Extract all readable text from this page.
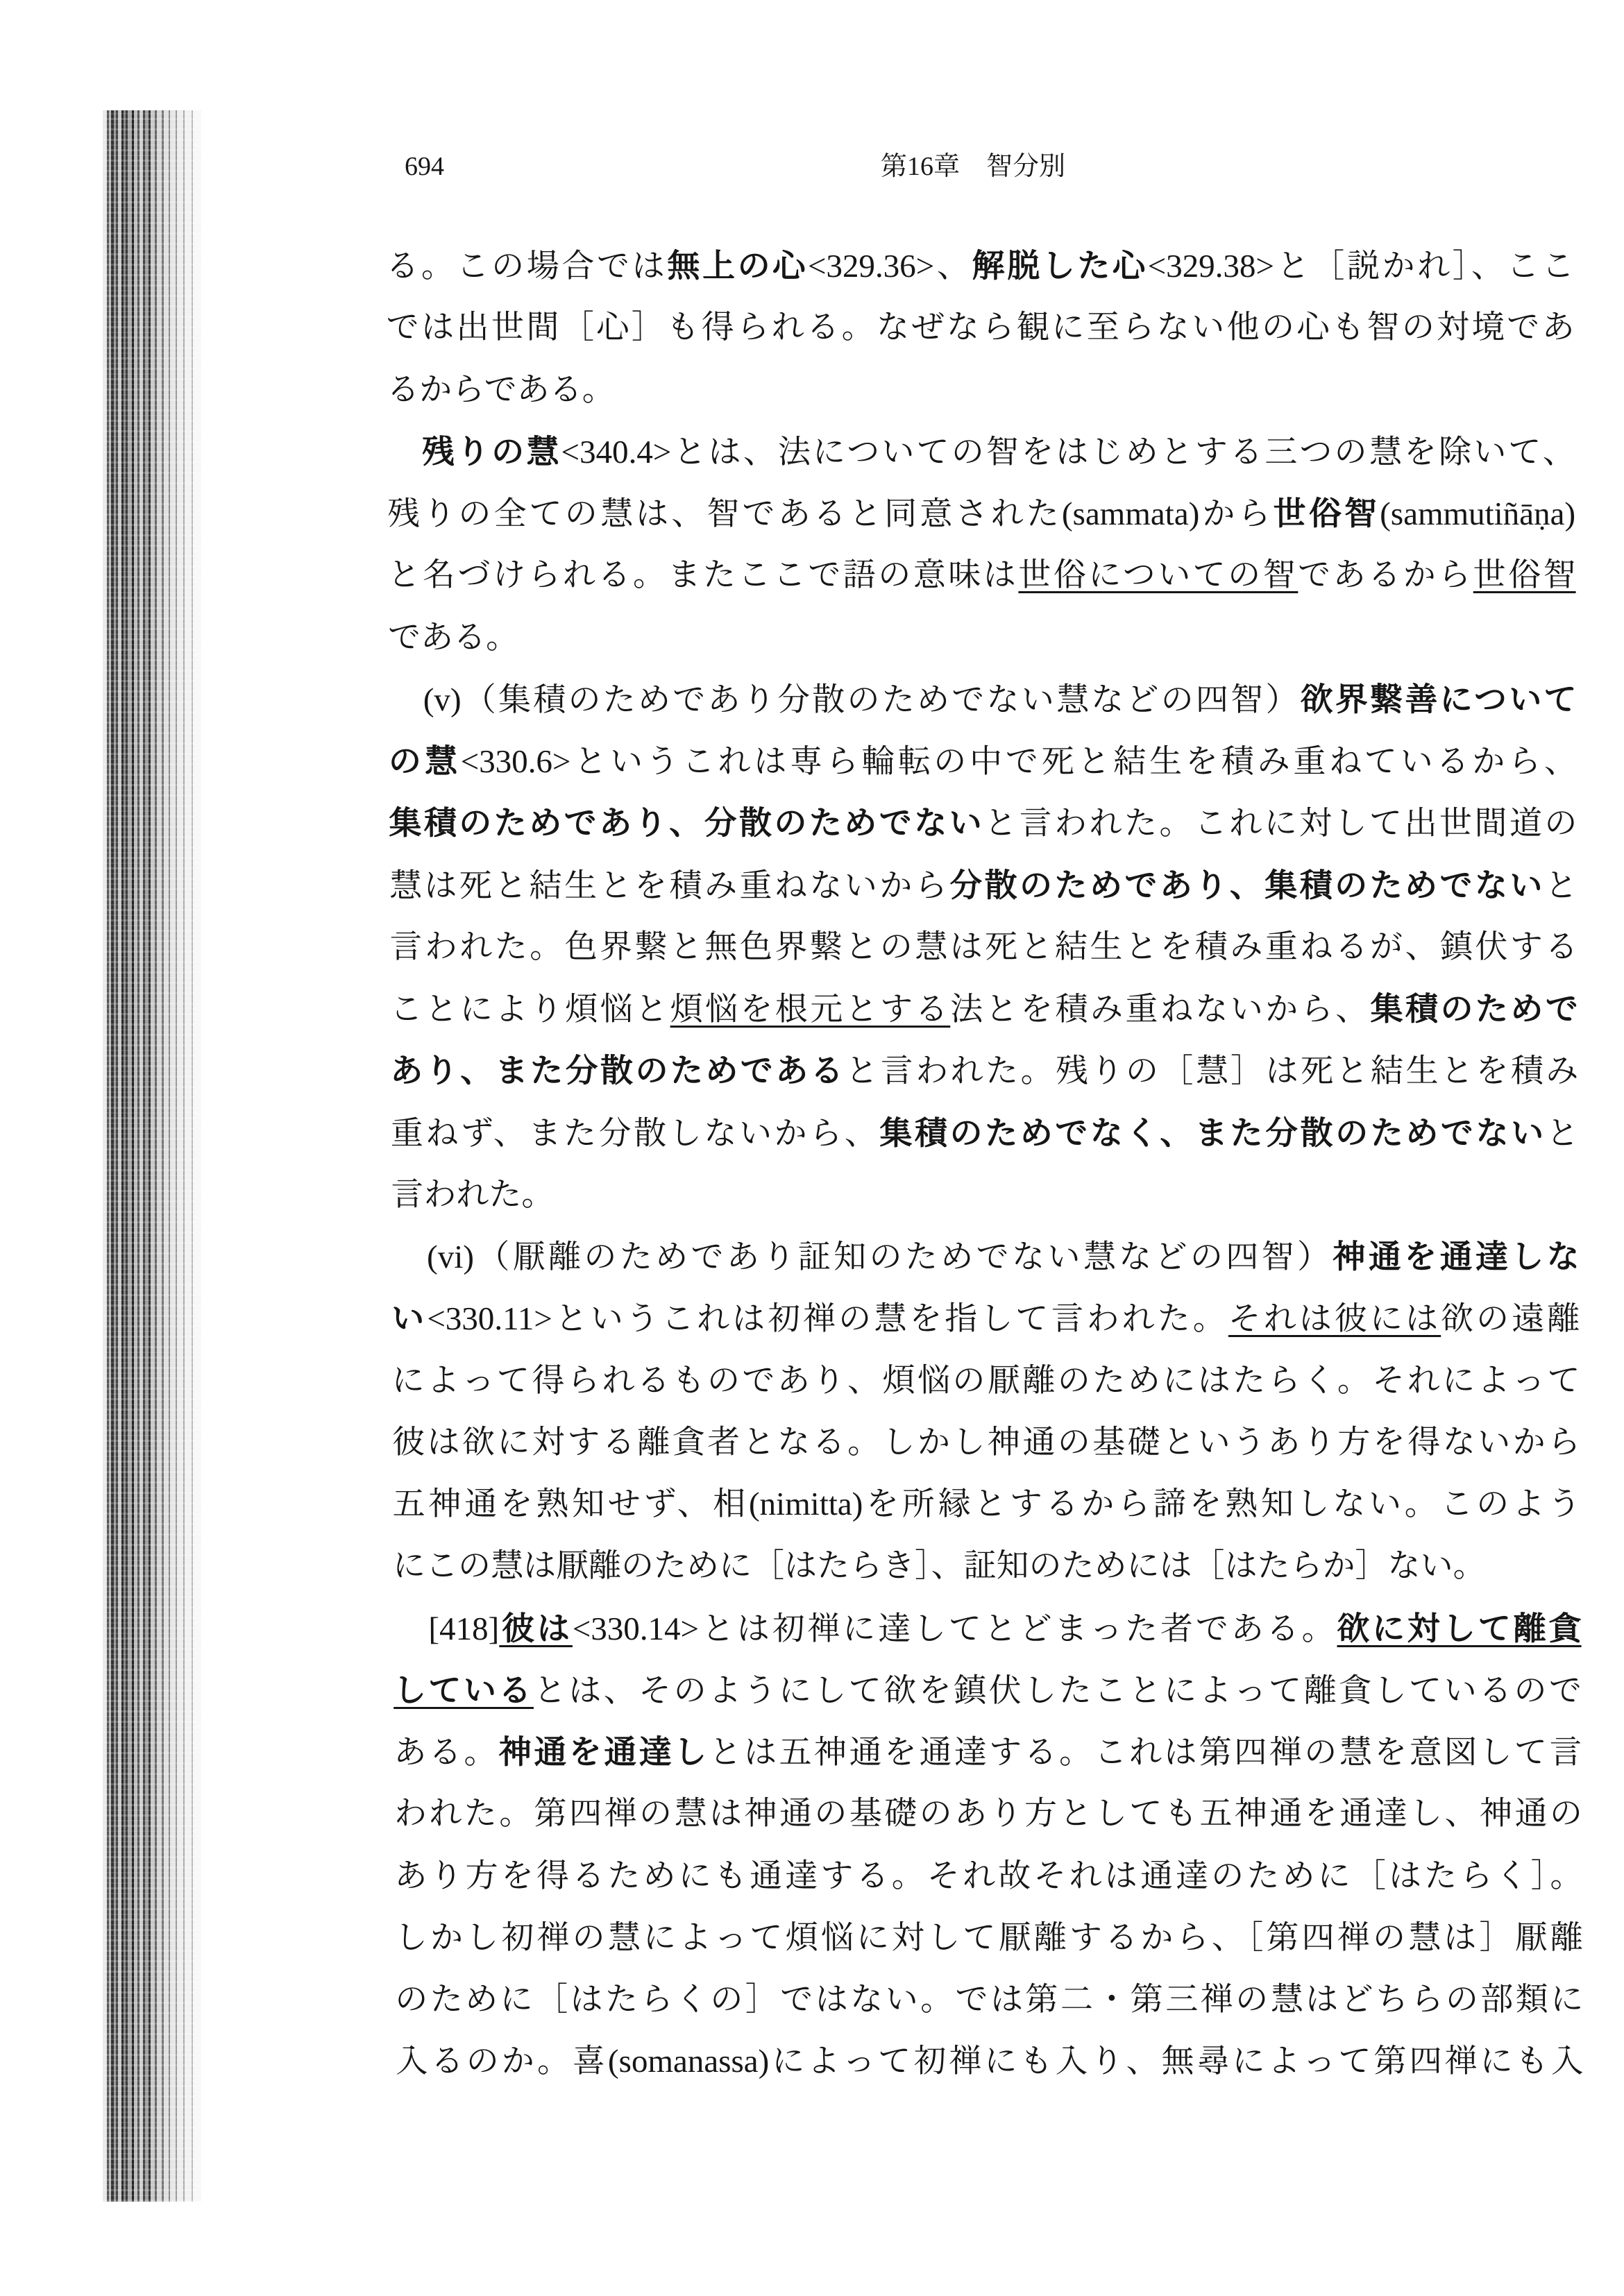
694	第16章　智分別
る。この場合では無上の心<329.36>、解脱した心<329.38>と［説かれ］、ここ
では出世間［心］も得られる。なぜなら観に至らない他の心も智の対境であ
るからである。
　残りの慧<340.4>とは、法についての智をはじめとする三つの慧を除いて、
残りの全ての慧は、智であると同意された(sammata)から世俗智(sammutiñāṇa)
と名づけられる。またここで語の意味は世俗についての智であるから世俗智
である。
　(v)（集積のためであり分散のためでない慧などの四智）欲界繋善について
の慧<330.6>というこれは専ら輪転の中で死と結生を積み重ねているから、
集積のためであり、分散のためでないと言われた。これに対して出世間道の
慧は死と結生とを積み重ねないから分散のためであり、集積のためでないと
言われた。色界繋と無色界繋との慧は死と結生とを積み重ねるが、鎮伏する
ことにより煩悩と煩悩を根元とする法とを積み重ねないから、集積のためで
あり、また分散のためであると言われた。残りの［慧］は死と結生とを積み
重ねず、また分散しないから、集積のためでなく、また分散のためでないと
言われた。
　(vi)（厭離のためであり証知のためでない慧などの四智）神通を通達しな
い<330.11>というこれは初禅の慧を指して言われた。それは彼には欲の遠離
によって得られるものであり、煩悩の厭離のためにはたらく。それによって
彼は欲に対する離貪者となる。しかし神通の基礎というあり方を得ないから
五神通を熟知せず、相(nimitta)を所縁とするから諦を熟知しない。このよう
にこの慧は厭離のために［はたらき］、証知のためには［はたらか］ない。
　[418]彼は<330.14>とは初禅に達してとどまった者である。欲に対して離貪
しているとは、そのようにして欲を鎮伏したことによって離貪しているので
ある。神通を通達しとは五神通を通達する。これは第四禅の慧を意図して言
われた。第四禅の慧は神通の基礎のあり方としても五神通を通達し、神通の
あり方を得るためにも通達する。それ故それは通達のために［はたらく］。
しかし初禅の慧によって煩悩に対して厭離するから、［第四禅の慧は］厭離
のために［はたらくの］ではない。では第二・第三禅の慧はどちらの部類に
入るのか。喜(somanassa)によって初禅にも入り、無尋によって第四禅にも入
